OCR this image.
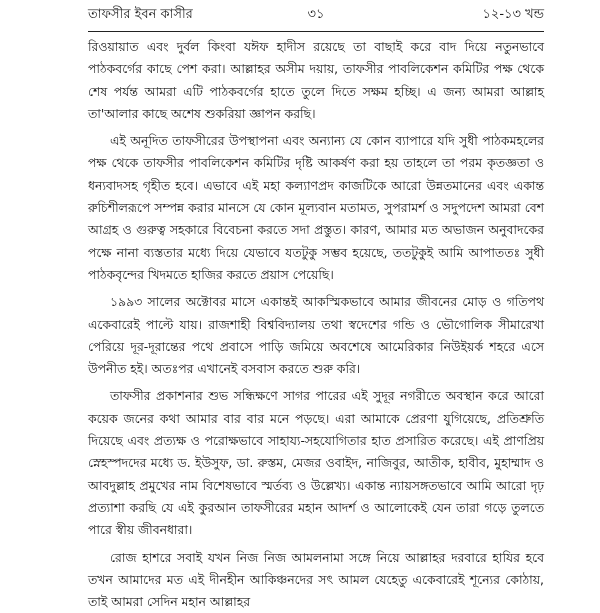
তাফসীর ইবন কাসীর	৩১	১২-১৩ খন্ড

রিওয়ায়াত এবং দুর্বল কিংবা যঈফ হাদীস রয়েছে তা বাছাই করে বাদ দিয়ে নতুনভাবে পাঠকবর্গের কাছে পেশ করা। আল্লাহর অসীম দয়ায়, তাফসীর পাবলিকেশন কমিটির পক্ষ থেকে শেষ পর্যন্ত আমরা এটি পাঠকবর্গের হাতে তুলে দিতে সক্ষম হচ্ছি। এ জন্য আমরা আল্লাহ তা'আলার কাছে অশেষ শুকরিয়া জ্ঞাপন করছি।

এই অনূদিত তাফসীরের উপস্থাপনা এবং অন্যান্য যে কোন ব্যাপারে যদি সুধী পাঠকমহলের পক্ষ থেকে তাফসীর পাবলিকেশন কমিটির দৃষ্টি আকর্ষণ করা হয় তাহলে তা পরম কৃতজ্ঞতা ও ধন্যবাদসহ গৃহীত হবে। এভাবে এই মহা কল্যাণপ্রদ কাজটিকে আরো উন্নতমানের এবং একান্ত রুচিশীলরূপে সম্পন্ন করার মানসে যে কোন মূল্যবান মতামত, সুপরামর্শ ও সদুপদেশ আমরা বেশ আগ্রহ ও গুরুত্ব সহকারে বিবেচনা করতে সদা প্রস্তুত। কারণ, আমার মত অভাজন অনুবাদকের পক্ষে নানা ব্যস্ততার মধ্যে দিয়ে যেভাবে যতটুকু সম্ভব হয়েছে, ততটুকুই আমি আপাততঃ সুধী পাঠকবৃন্দের খিদমতে হাজির করতে প্রয়াস পেয়েছি।

১৯৯৩ সালের অক্টোবর মাসে একান্তই আকস্মিকভাবে আমার জীবনের মোড় ও গতিপথ একেবারেই পাল্টে যায়। রাজশাহী বিশ্ববিদ্যালয় তথা স্বদেশের গন্ডি ও ভৌগোলিক সীমারেখা পেরিয়ে দূর-দূরান্তের পথে প্রবাসে পাড়ি জমিয়ে অবশেষে আমেরিকার নিউইয়র্ক শহরে এসে উপনীত হই। অতঃপর এখানেই বসবাস করতে শুরু করি।

তাফসীর প্রকাশনার শুভ সন্ধিক্ষণে সাগর পারের এই সুদূর নগরীতে অবস্থান করে আরো কয়েক জনের কথা আমার বার বার মনে পড়ছে। এরা আমাকে প্রেরণা যুগিয়েছে, প্রতিশ্রুতি দিয়েছে এবং প্রত্যক্ষ ও পরোক্ষভাবে সাহায্য-সহযোগিতার হাত প্রসারিত করেছে। এই প্রাণপ্রিয় স্নেহস্পদদের মধ্যে ড. ইউসুফ, ডা. রুস্তম, মেজর ওবাইদ, নাজিবুর, আতীক, হাবীব, মুহাম্মাদ ও আবদুল্লাহ প্রমুখের নাম বিশেষভাবে স্মর্তব্য ও উল্লেখ্য। একান্ত ন্যায়সঙ্গতভাবে আমি আরো দৃঢ় প্রত্যাশা করছি যে এই কুরআন তাফসীরের মহান আদর্শ ও আলোকেই যেন তারা গড়ে তুলতে পারে স্বীয় জীবনধারা।

রোজ হাশরে সবাই যখন নিজ নিজ আমলনামা সঙ্গে নিয়ে আল্লাহর দরবারে হাযির হবে তখন আমাদের মত এই দীনহীন আকিঞ্চনদের সৎ আমল যেহেতু একেবারেই শূন্যের কোঠায়, তাই আমরা সেদিন মহান আল্লাহর
